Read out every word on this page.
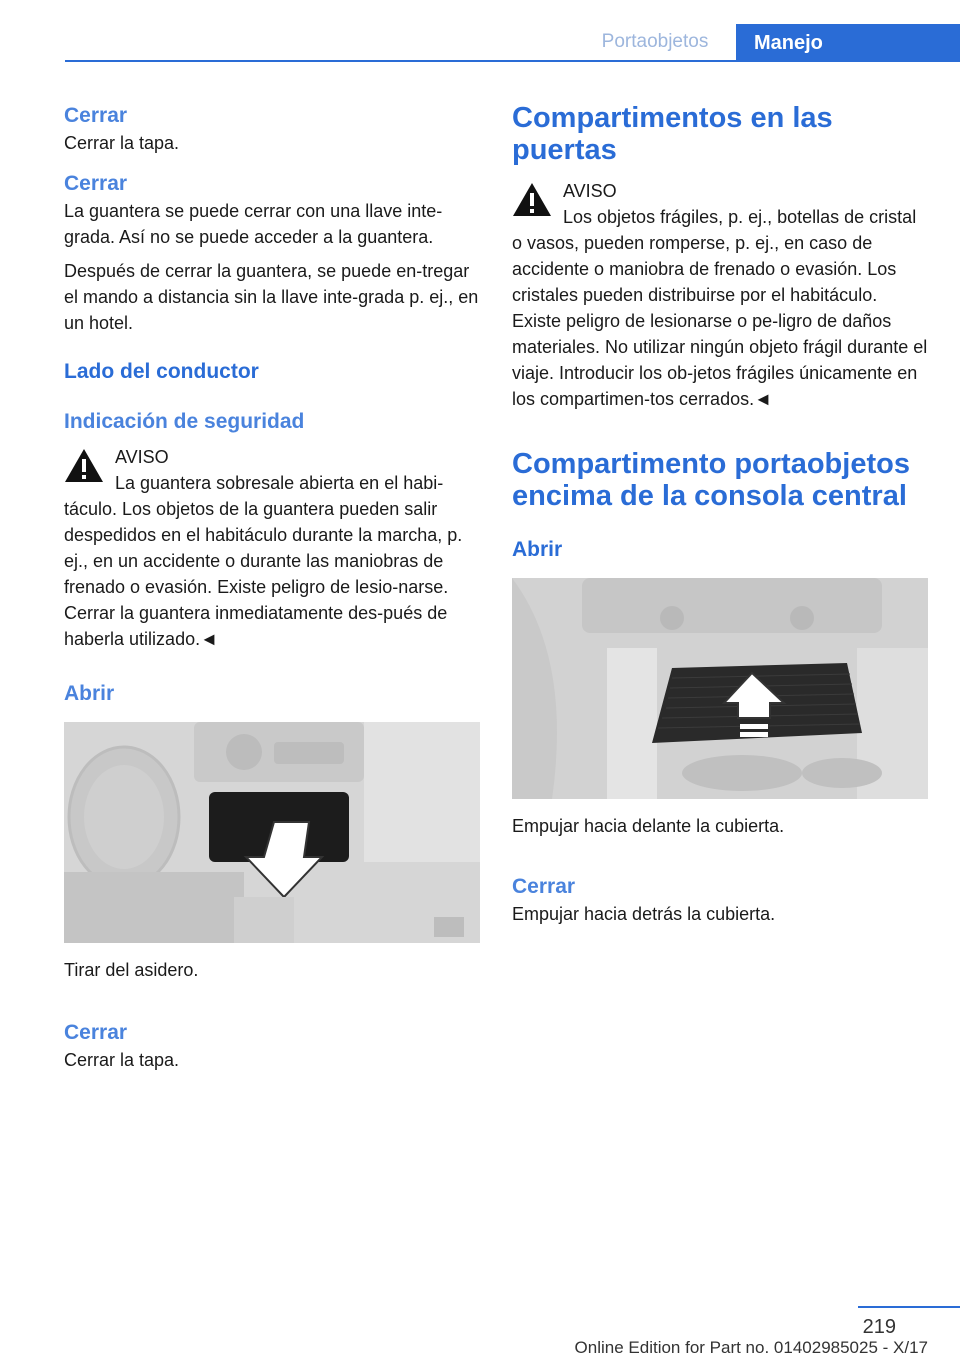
Portaobjetos	Manejo
Cerrar

Cerrar la tapa.

Cerrar

La guantera se puede cerrar con una llave inte‐grada. Así no se puede acceder a la guantera.

Después de cerrar la guantera, se puede en‐tregar el mando a distancia sin la llave inte‐grada p. ej., en un hotel.

Lado del conductor
Indicación de seguridad
AVISO

La guantera sobresale abierta en el habi‐táculo. Los objetos de la guantera pueden salir despedidos en el habitáculo durante la marcha, p. ej., en un accidente o durante las maniobras de frenado o evasión. Existe peligro de lesio‐narse. Cerrar la guantera inmediatamente des‐pués de haberla utilizado.◄

Abrir

Tirar del asidero.

Cerrar

Cerrar la tapa.

Compartimentos en las puertas
AVISO

Los objetos frágiles, p. ej., botellas de cristal o vasos, pueden romperse, p. ej., en caso de accidente o maniobra de frenado o evasión. Los cristales pueden distribuirse por el habitáculo. Existe peligro de lesionarse o pe‐ligro de daños materiales. No utilizar ningún objeto frágil durante el viaje. Introducir los ob‐jetos frágiles únicamente en los compartimen‐tos cerrados.◄

Compartimento portaobjetos encima de la consola central
Abrir

Empujar hacia delante la cubierta.

Cerrar

Empujar hacia detrás la cubierta.

219
Online Edition for Part no. 01402985025 - X/17
